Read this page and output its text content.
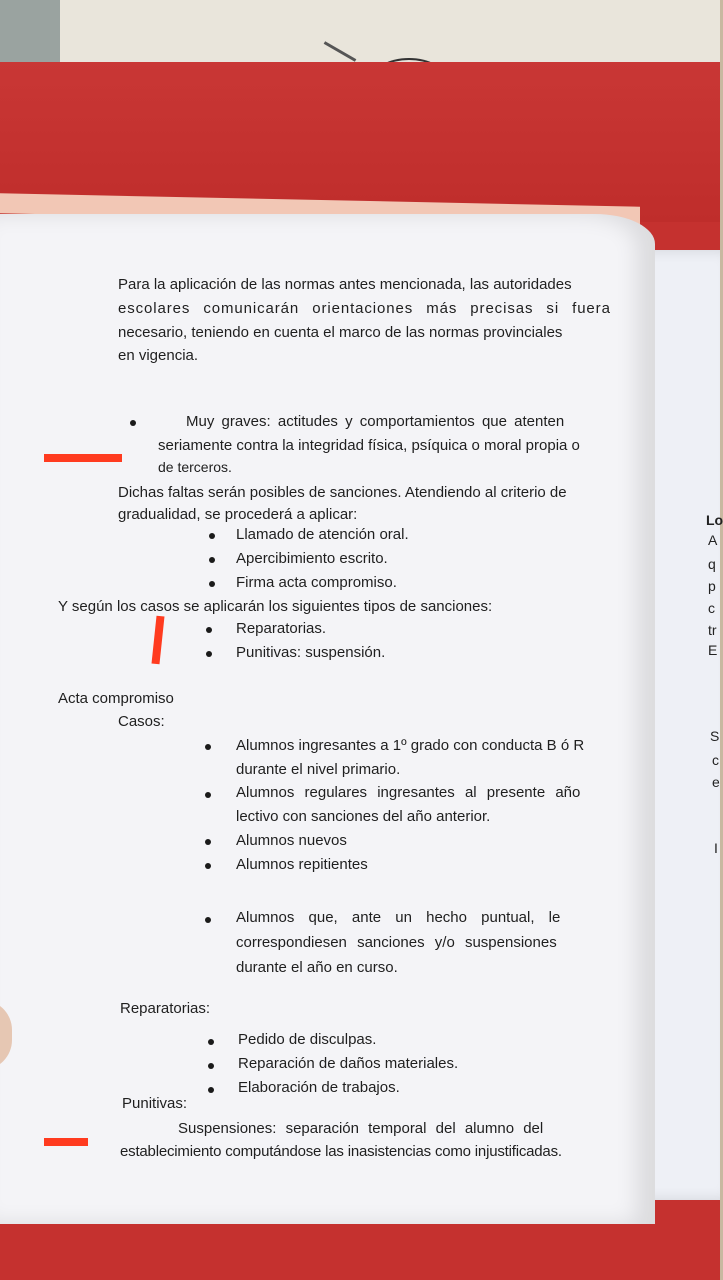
Lo
A
q
p
c
tr
E
S
c
e
I
Para la aplicación de las normas antes mencionada, las autoridades
escolares comunicarán orientaciones más precisas si fuera
necesario, teniendo en cuenta el marco de las normas provinciales
en vigencia.
Muy graves: actitudes y comportamientos que atenten
seriamente contra la integridad física, psíquica o moral propia o
de terceros.
Dichas faltas serán posibles de sanciones. Atendiendo al criterio de
gradualidad, se procederá a aplicar:
Llamado de atención oral.
Apercibimiento escrito.
Firma acta compromiso.
Y según los casos se aplicarán los siguientes tipos de sanciones:
Reparatorias.
Punitivas: suspensión.
Acta compromiso
Casos:
Alumnos ingresantes a 1º grado con conducta B ó R
durante el nivel primario.
Alumnos regulares ingresantes al presente año
lectivo con sanciones del año anterior.
Alumnos nuevos
Alumnos repitientes
Alumnos que, ante un hecho puntual, le
correspondiesen sanciones y/o suspensiones
durante el año en curso.
Reparatorias:
Pedido de disculpas.
Reparación de daños materiales.
Elaboración de trabajos.
Punitivas:
Suspensiones: separación temporal del alumno del
establecimiento computándose las inasistencias como injustificadas.
